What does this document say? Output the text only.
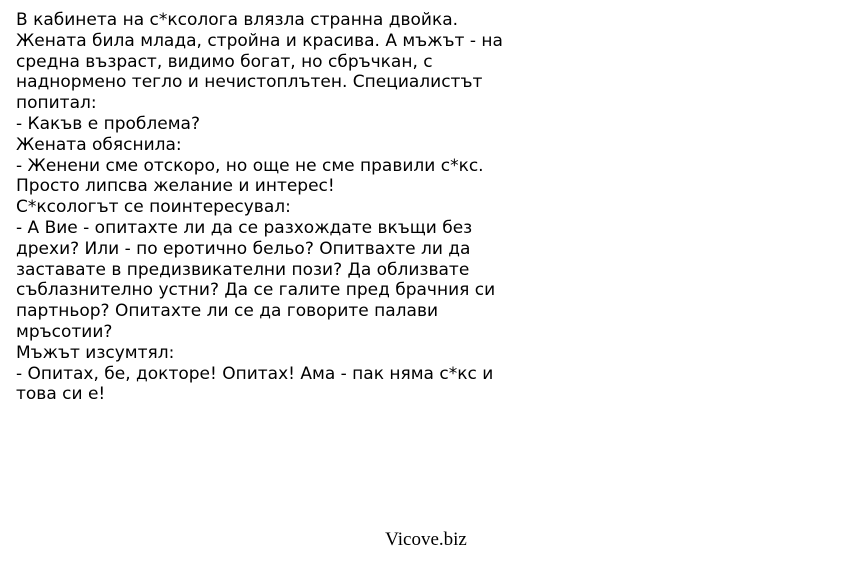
В кабинета на с*ксолога влязла странна двойка.
Жената била млада, стройна и красива. А мъжът - на
средна възраст, видимо богат, но сбръчкан, с
наднормено тегло и нечистоплътен. Специалистът
попитал:
- Какъв е проблема?
Жената обяснила:
- Женени сме отскоро, но още не сме правили с*кс.
Просто липсва желание и интерес!
С*ксологът се поинтересувал:
- А Вие - опитахте ли да се разхождате вкъщи без
дрехи? Или - по еротично бельо? Опитвахте ли да
заставате в предизвикателни пози? Да облизвате
съблазнително устни? Да се галите пред брачния си
партньор? Опитахте ли се да говорите палави
мръсотии?
Мъжът изсумтял:
- Опитах, бе, докторе! Опитах! Ама - пак няма с*кс и
това си е!
Vicove.biz
